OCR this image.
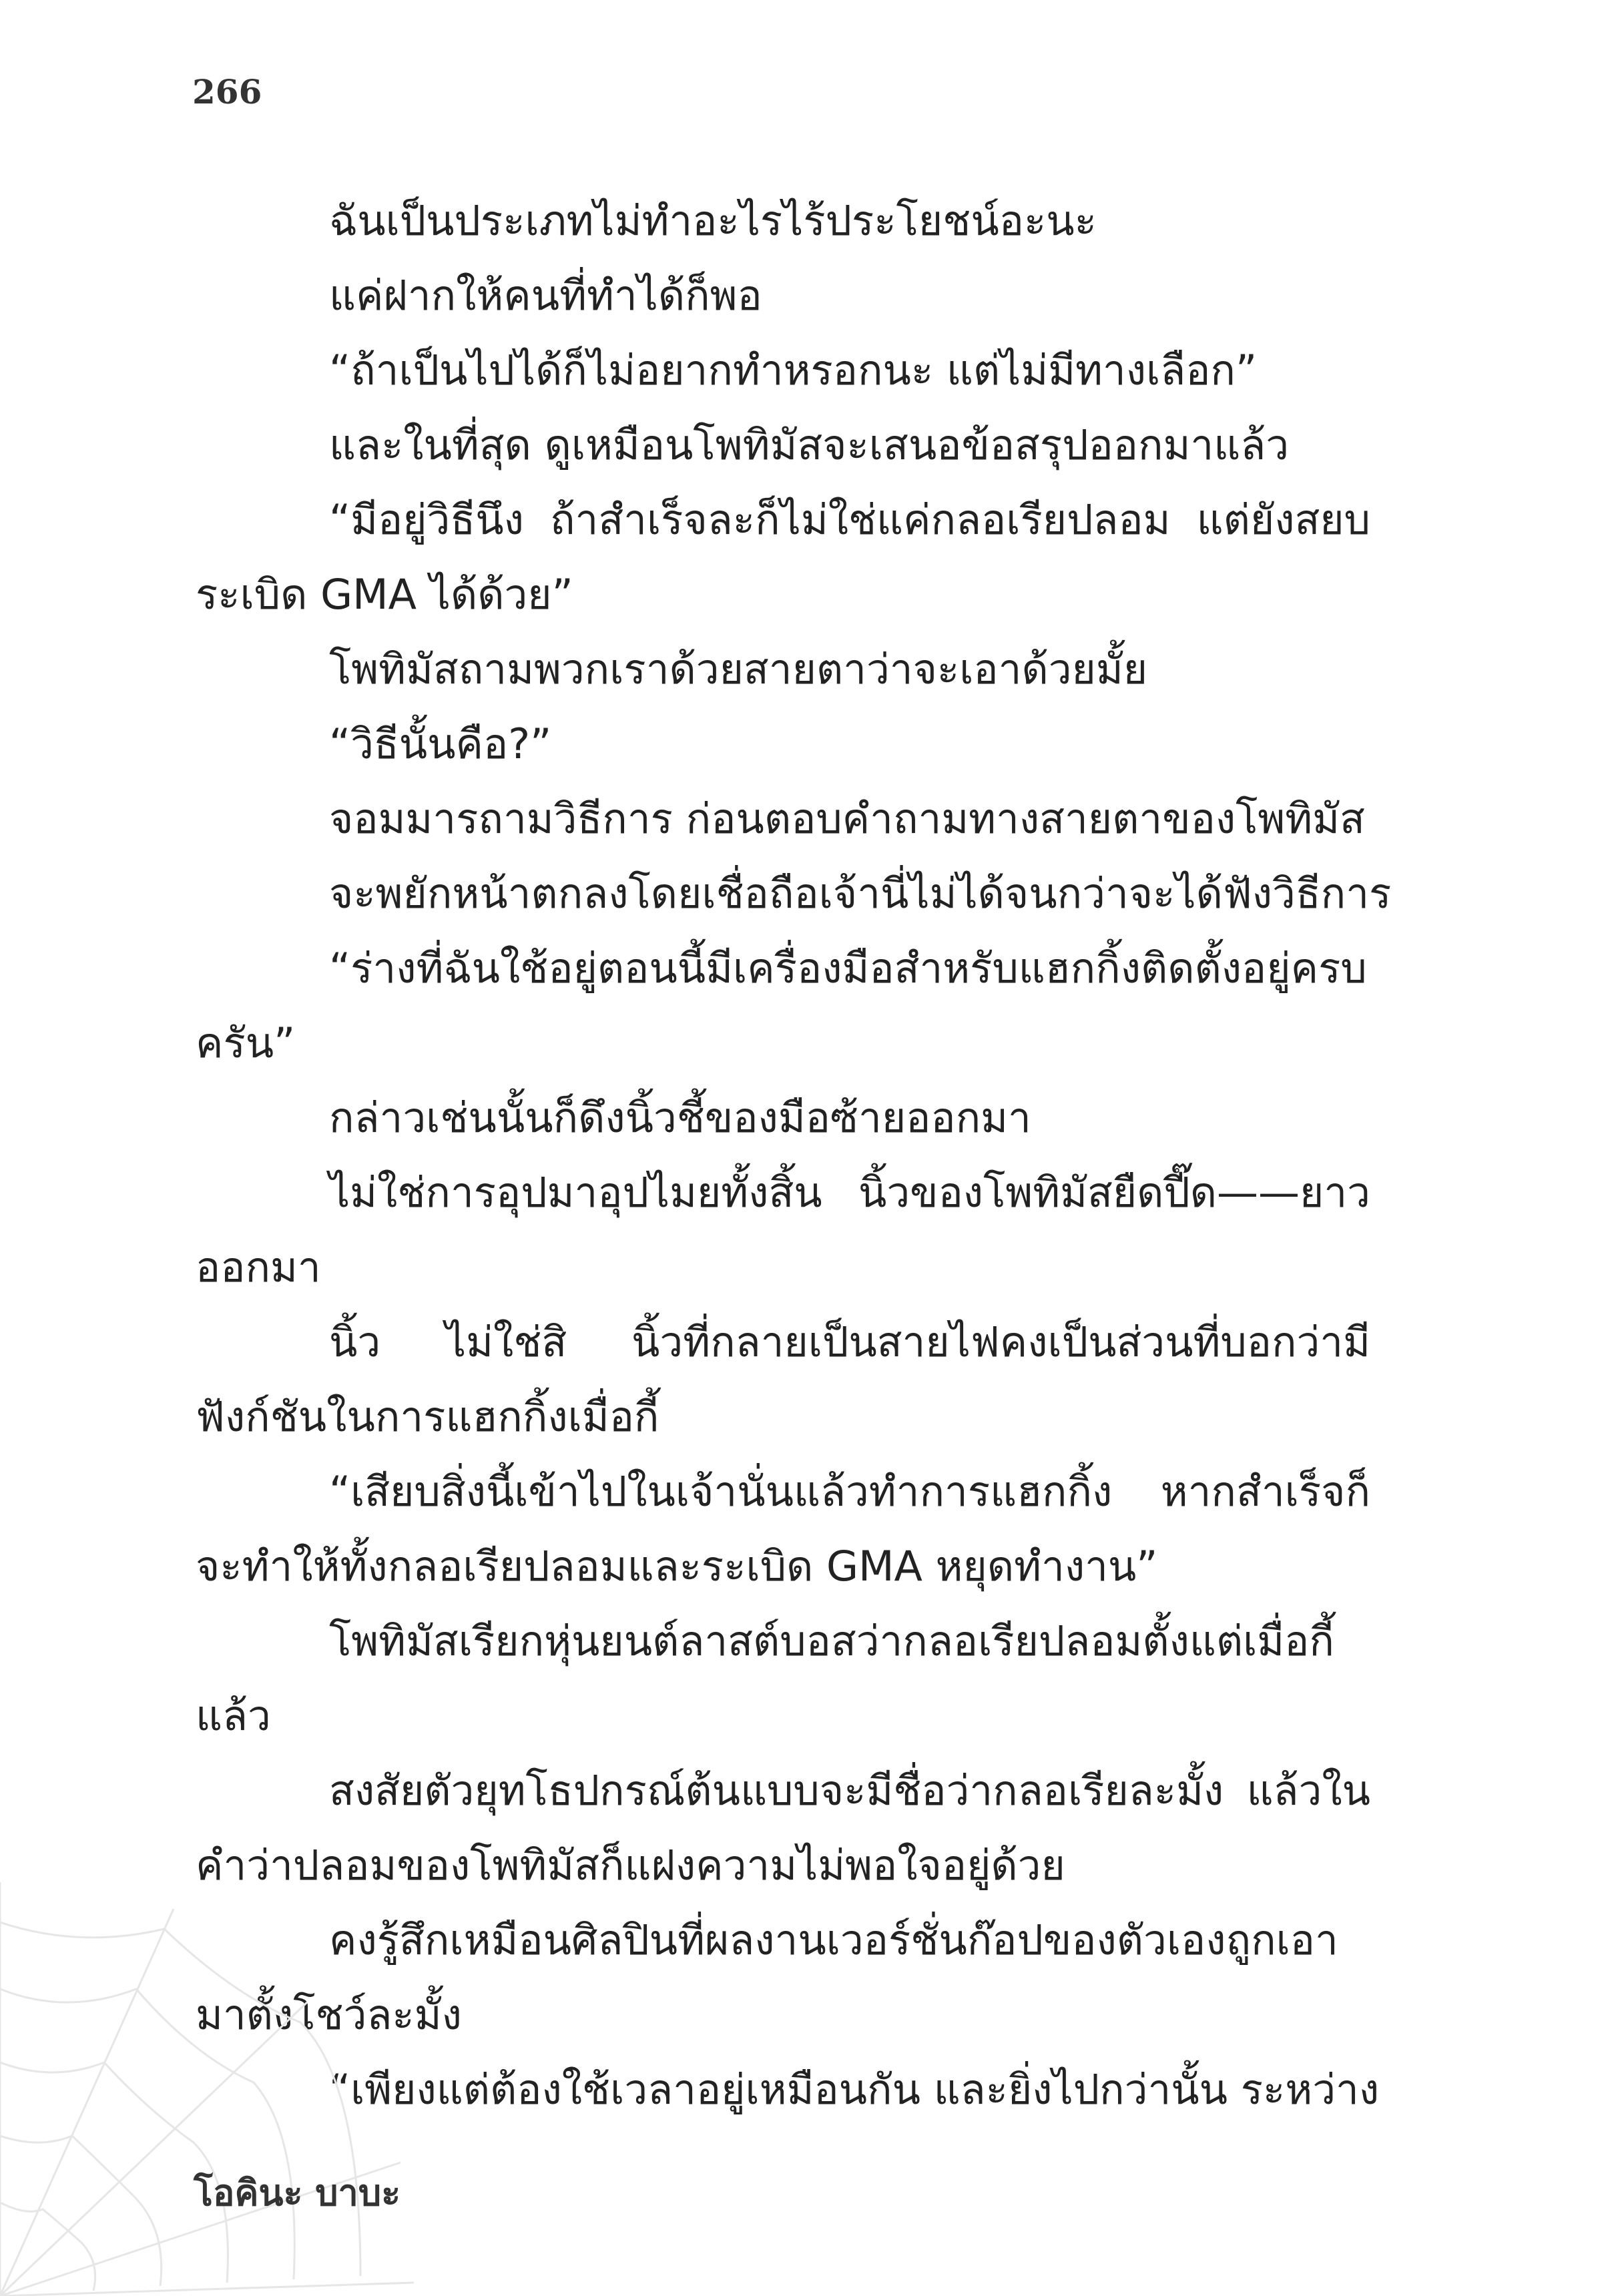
266

ฉันเป็นประเภทไม่ทำอะไรไร้ประโยชน์อะนะ

แค่ฝากให้คนที่ทำได้ก็พอ

“ถ้าเป็นไปได้ก็ไม่อยากทำหรอกนะ แต่ไม่มีทางเลือก”

และในที่สุด ดูเหมือนโพทิมัสจะเสนอข้อสรุปออกมาแล้ว

“มีอยู่วิธีนึง ถ้าสำเร็จละก็ไม่ใช่แค่กลอเรียปลอม แต่ยังสยบระเบิด GMA ได้ด้วย”

โพทิมัสถามพวกเราด้วยสายตาว่าจะเอาด้วยมั้ย

“วิธีนั้นคือ?”

จอมมารถามวิธีการ ก่อนตอบคำถามทางสายตาของโพทิมัส

จะพยักหน้าตกลงโดยเชื่อถือเจ้านี่ไม่ได้จนกว่าจะได้ฟังวิธีการ

“ร่างที่ฉันใช้อยู่ตอนนี้มีเครื่องมือสำหรับแฮกกิ้งติดตั้งอยู่ครบครัน”

กล่าวเช่นนั้นก็ดึงนิ้วชี้ของมือซ้ายออกมา

ไม่ใช่การอุปมาอุปไมยทั้งสิ้น นิ้วของโพทิมัสยืดปี๊ด——ยาวออกมา

นิ้ว ไม่ใช่สิ นิ้วที่กลายเป็นสายไฟคงเป็นส่วนที่บอกว่ามีฟังก์ชันในการแฮกกิ้งเมื่อกี้

“เสียบสิ่งนี้เข้าไปในเจ้านั่นแล้วทำการแฮกกิ้ง หากสำเร็จก็จะทำให้ทั้งกลอเรียปลอมและระเบิด GMA หยุดทำงาน”

โพทิมัสเรียกหุ่นยนต์ลาสต์บอสว่ากลอเรียปลอมตั้งแต่เมื่อกี้แล้ว

สงสัยตัวยุทโธปกรณ์ต้นแบบจะมีชื่อว่ากลอเรียละมั้ง แล้วในคำว่าปลอมของโพทิมัสก็แฝงความไม่พอใจอยู่ด้วย

คงรู้สึกเหมือนศิลปินที่ผลงานเวอร์ชั่นก๊อปของตัวเองถูกเอามาตั้งโชว์ละมั้ง

“เพียงแต่ต้องใช้เวลาอยู่เหมือนกัน และยิ่งไปกว่านั้น ระหว่าง

โอคินะ บาบะ
